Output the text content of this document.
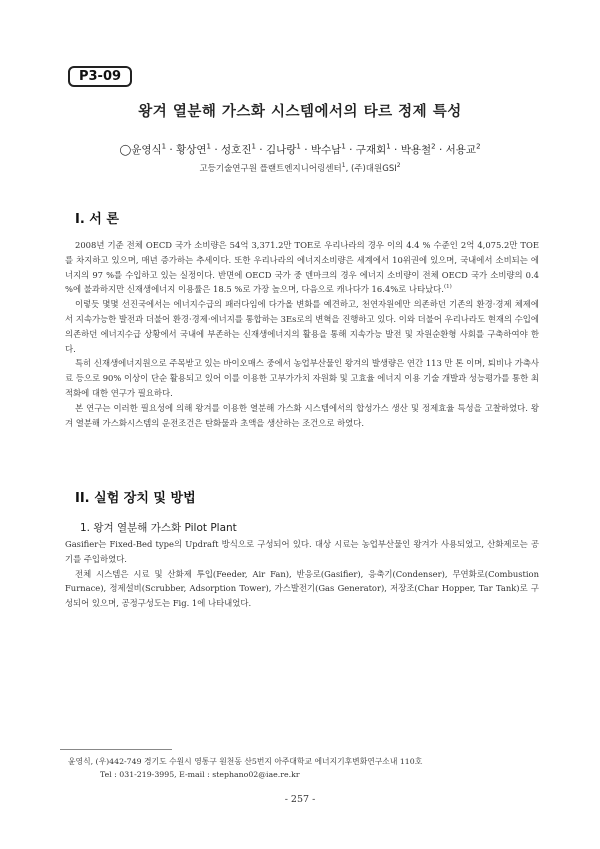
P3-09
왕겨 열분해 가스화 시스템에서의 타르 정제 특성
◯윤영식$^1$ · 황상연$^1$ · 성호진$^1$ · 김나랑$^1$ · 박수남$^1$ · 구재회$^1$ · 박용철$^2$ · 서용교$^2$
고등기술연구원 플랜트엔지니어링센터$^1$, (주)대원GSI$^2$
I. 서 론

2008년 기준 전체 OECD 국가 소비량은 54억 3,371.2만 TOE로 우리나라의 경우 이의 4.4 % 수준인 2억 4,075.2만 TOE를 차지하고 있으며, 매년 증가하는 추세이다. 또한 우리나라의 에너지소비량은 세계에서 10위권에 있으며, 국내에서 소비되는 에너지의 97 %를 수입하고 있는 실정이다. 반면에 OECD 국가 중 덴마크의 경우 에너지 소비량이 전체 OECD 국가 소비량의 0.4 %에 불과하지만 신재생에너지 이용률은 18.5 %로 가장 높으며, 다음으로 캐나다가 16.4%로 나타났다.$^{(1)}$

이렇듯 몇몇 선진국에서는 에너지수급의 패러다임에 다가올 변화를 예견하고, 천연자원에만 의존하던 기존의 환경·경제 체제에서 지속가능한 발전과 더불어 환경·경제·에너지를 통합하는 3Es로의 변혁을 진행하고 있다. 이와 더불어 우리나라도 현재의 수입에 의존하던 에너지수급 상황에서 국내에 부존하는 신재생에너지의 활용을 통해 지속가능 발전 및 자원순환형 사회를 구축하여야 한다.

특히 신재생에너지원으로 주목받고 있는 바이오매스 중에서 농업부산물인 왕겨의 발생량은 연간 113 만 톤 이며, 퇴비나 가축사료 등으로 90% 이상이 단순 활용되고 있어 이를 이용한 고부가가치 자원화 및 고효율 에너지 이용 기술 개발과 성능평가를 통한 최적화에 대한 연구가 필요하다.

본 연구는 이러한 필요성에 의해 왕겨를 이용한 열분해 가스화 시스템에서의 합성가스 생산 및 정제효율 특성을 고찰하였다. 왕겨 열분해 가스화시스템의 운전조건은 탄화물과 초액을 생산하는 조건으로 하였다.

II. 실험 장치 및 방법
1. 왕겨 열분해 가스화 Pilot Plant

Gasifier는 Fixed-Bed type의 Updraft 방식으로 구성되어 있다. 대상 시료는 농업부산물인 왕겨가 사용되었고, 산화제로는 공기를 주입하였다.

전체 시스템은 시료 및 산화제 투입(Feeder, Air Fan), 반응로(Gasifier), 응축기(Condenser), 무연화로(Combustion Furnace), 정제설비(Scrubber, Adsorption Tower), 가스발전기(Gas Generator), 저장조(Char Hopper, Tar Tank)로 구성되어 있으며, 공정구성도는 Fig. 1에 나타내었다.

윤영식, (우)442-749 경기도 수원시 영통구 원천동 산5번지 아주대학교 에너지기후변화연구소내 110호
Tel : 031-219-3995, E-mail : stephano02@iae.re.kr
- 257 -
